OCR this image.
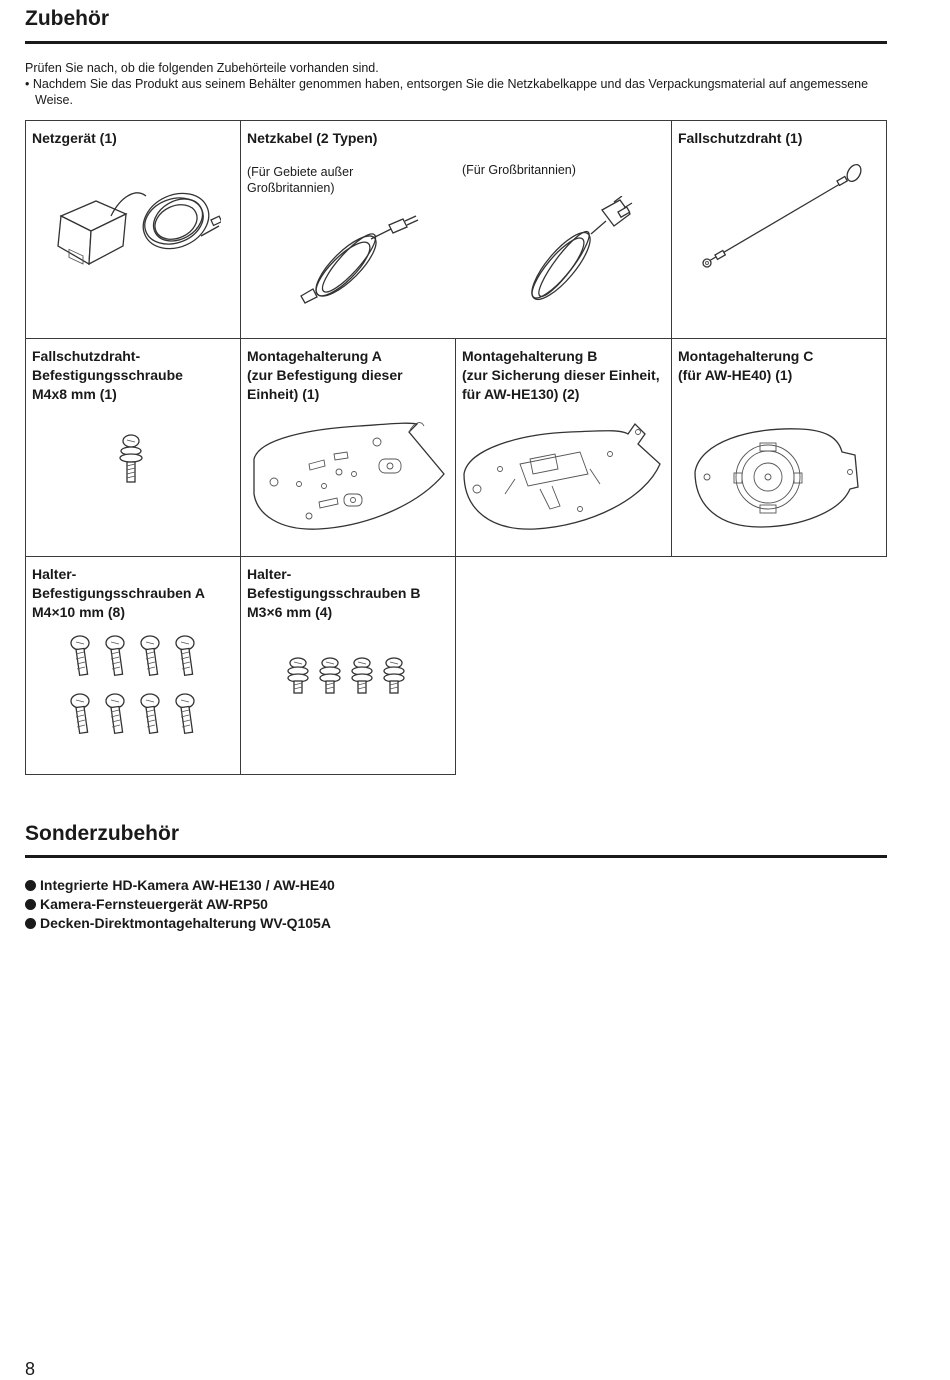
Zubehör
Prüfen Sie nach, ob die folgenden Zubehörteile vorhanden sind.
• Nachdem Sie das Produkt aus seinem Behälter genommen haben, entsorgen Sie die Netzkabelkappe und das Verpackungsmaterial auf angemessene Weise.
Netzgerät (1)	Netzkabel (2 Typen)
(Für Gebiete außer
Großbritannien)
(Für Großbritannien)
Fallschutzdraht (1)
Fallschutzdraht-
Befestigungsschraube
M4x8 mm (1)
Montagehalterung A
(zur Befestigung dieser
Einheit) (1)
Montagehalterung B
(zur Sicherung dieser Einheit,
für AW-HE130) (2)
Montagehalterung C
(für AW-HE40) (1)
Halter-
Befestigungsschrauben A
M4×10 mm (8)
Halter-
Befestigungsschrauben B
M3×6 mm (4)
Sonderzubehör
Integrierte HD-Kamera AW-HE130 / AW-HE40
Kamera-Fernsteuergerät AW-RP50
Decken-Direktmontagehalterung WV-Q105A
8
